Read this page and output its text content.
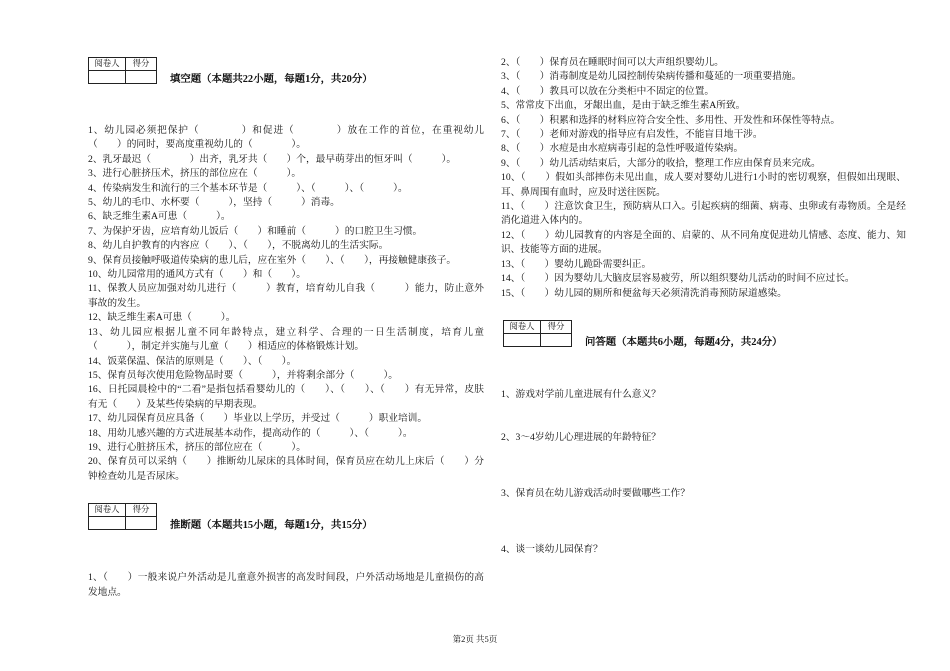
阅卷人	得分

填空题（本题共22小题，每题1分，共20分）

1、幼儿园必须把保护（　　　　）和促进（　　　　）放在工作的首位，在重视幼儿（　　）的同时，要高度重视幼儿的（　　　　）。

2、乳牙最迟（　　　　）出齐，乳牙共（　　）个，最早萌芽出的恒牙叫（　　　）。

3、进行心脏挤压术，挤压的部位应在（　　　）。

4、传染病发生和流行的三个基本环节是（　　　）、（　　　）、（　　　）。

5、幼儿的毛巾、水杯要（　　　），坚持（　　　）消毒。

6、缺乏维生素A可患（　　　）。

7、为保护牙齿，应培育幼儿饭后（　　）和睡前（　　　）的口腔卫生习惯。

8、幼儿自护教育的内容应（　　）、（　　），不脱离幼儿的生活实际。

9、保育员接触呼吸道传染病的患儿后，应在室外（　　）、（　　），再接触健康孩子。

10、幼儿园常用的通风方式有（　　）和（　　）。

11、保教人员应加强对幼儿进行（　　　）教育，培育幼儿自我（　　　）能力，防止意外事故的发生。

12、缺乏维生素A可患（　　　）。

13、幼儿园应根据儿童不同年龄特点，建立科学、合理的一日生活制度，培育儿童（　　　），制定并实施与儿童（　　）相适应的体格锻炼计划。

14、饭菜保温、保洁的原则是（　　）、（　　）。

15、保育员每次使用危险物品时要（　　　），并将剩余部分（　　　）。

16、日托园晨检中的“二看”是指包括看婴幼儿的（　　）、（　　）、（　　）有无异常，皮肤有无（　　）及某些传染病的早期表现。

17、幼儿园保育员应具备（　　）毕业以上学历，并受过（　　　）职业培训。

18、用幼儿感兴趣的方式进展基本动作，提高动作的（　　　）、（　　　）。

19、进行心脏挤压术，挤压的部位应在（　　　）。

20、保育员可以采纳（　　）推断幼儿尿床的具体时间，保育员应在幼儿上床后（　　）分钟检查幼儿是否尿床。

阅卷人	得分

推断题（本题共15小题，每题1分，共15分）

1、（　　）一般来说户外活动是儿童意外损害的高发时间段，户外活动场地是儿童损伤的高发地点。

2、（　　）保育员在睡眠时间可以大声组织婴幼儿。

3、（　　）消毒制度是幼儿园控制传染病传播和蔓延的一项重要措施。

4、（　　）教具可以放在分类柜中不固定的位置。

5、常常皮下出血，牙龈出血，是由于缺乏维生素A所致。

6、（　　）积累和选择的材料应符合安全性、多用性、开发性和环保性等特点。

7、（　　）老师对游戏的指导应有启发性，不能盲目地干涉。

8、（　　）水痘是由水痘病毒引起的急性呼吸道传染病。

9、（　　）幼儿活动结束后，大部分的收拾，整理工作应由保育员来完成。

10、（　　）假如头部摔伤未见出血，成人要对婴幼儿进行1小时的密切观察，但假如出现眼、耳、鼻周围有血时，应及时送往医院。

11、（　　）注意饮食卫生，预防病从口入。引起疾病的细菌、病毒、虫卵或有毒物质。全是经消化道进入体内的。

12、（　　）幼儿园教育的内容是全面的、启蒙的、从不同角度促进幼儿情感、态度、能力、知识、技能等方面的进展。

13、（　　）婴幼儿跪卧需要纠正。

14、（　　）因为婴幼儿大脑皮层容易疲劳，所以组织婴幼儿活动的时间不应过长。

15、（　　）幼儿园的厕所和便盆每天必须清洗消毒预防尿道感染。

阅卷人	得分

问答题（本题共6小题，每题4分，共24分）

1、游戏对学前儿童进展有什么意义？

2、3～4岁幼儿心理进展的年龄特征？

3、保育员在幼儿游戏活动时要做哪些工作？

4、谈一谈幼儿园保育？

第2页 共5页
